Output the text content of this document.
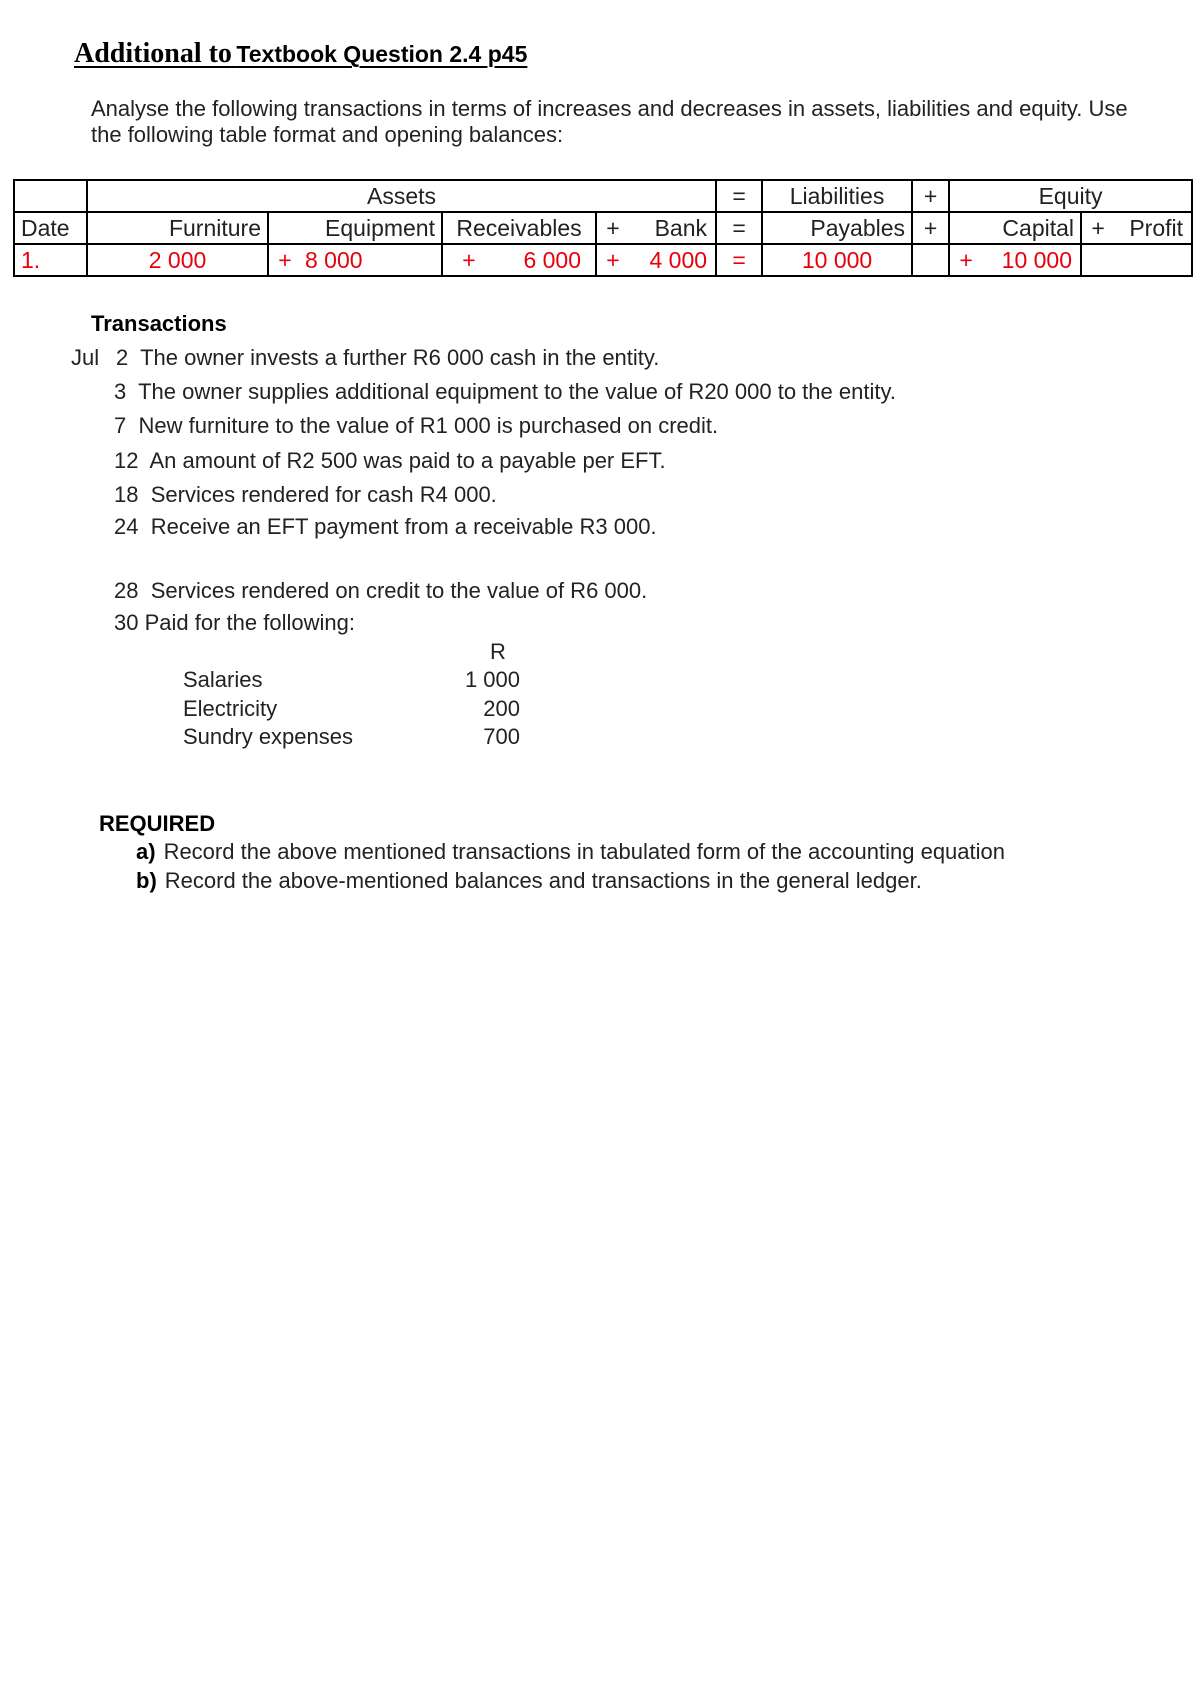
Additional to Textbook Question 2.4 p45
Analyse the following transactions in terms of increases and decreases in assets, liabilities and equity. Use the following table format and opening balances:
	Assets				=	Liabilities	+	Equity	
Date	Furniture	Equipment	Receivables	+ Bank	=	Payables	+	Capital	+ Profit

1.	2 000	+ 8 000	+ 6 000	+ 4 000	=	10 000		+ 10 000	

Transactions
Jul 2 The owner invests a further R6 000 cash in the entity.
3 The owner supplies additional equipment to the value of R20 000 to the entity.
7 New furniture to the value of R1 000 is purchased on credit.
12 An amount of R2 500 was paid to a payable per EFT.
18 Services rendered for cash R4 000.
24 Receive an EFT payment from a receivable R3 000.
28 Services rendered on credit to the value of R6 000.
30 Paid for the following:
R
Salaries	1 000
Electricity	200
Sundry expenses	700
REQUIRED
a) Record the above mentioned transactions in tabulated form of the accounting equation
b) Record the above-mentioned balances and transactions in the general ledger.
